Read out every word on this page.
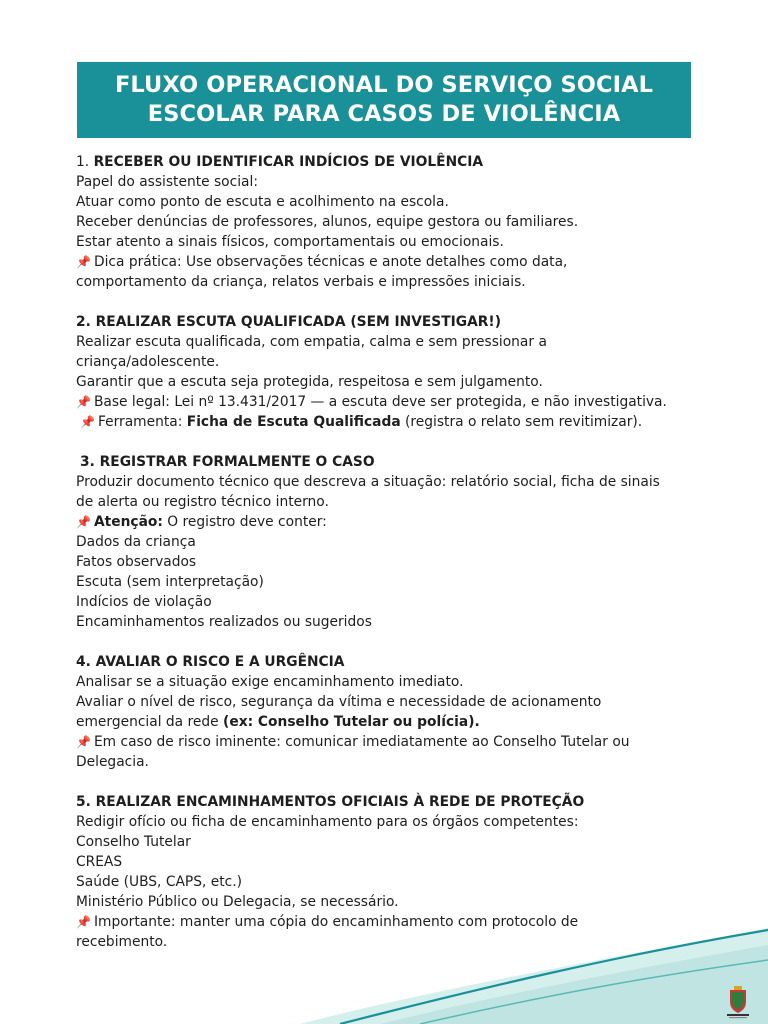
FLUXO OPERACIONAL DO SERVIÇO SOCIAL
ESCOLAR PARA CASOS DE VIOLÊNCIA
1. RECEBER OU IDENTIFICAR INDÍCIOS DE VIOLÊNCIA
Papel do assistente social:
Atuar como ponto de escuta e acolhimento na escola.
Receber denúncias de professores, alunos, equipe gestora ou familiares.
Estar atento a sinais físicos, comportamentais ou emocionais.
📌 Dica prática: Use observações técnicas e anote detalhes como data,
comportamento da criança, relatos verbais e impressões iniciais.
2. REALIZAR ESCUTA QUALIFICADA (SEM INVESTIGAR!)
Realizar escuta qualificada, com empatia, calma e sem pressionar a
criança/adolescente.
Garantir que a escuta seja protegida, respeitosa e sem julgamento.
📌 Base legal: Lei nº 13.431/2017 — a escuta deve ser protegida, e não investigativa.
📌 Ferramenta: Ficha de Escuta Qualificada (registra o relato sem revitimizar).
3. REGISTRAR FORMALMENTE O CASO
Produzir documento técnico que descreva a situação: relatório social, ficha de sinais
de alerta ou registro técnico interno.
📌 Atenção: O registro deve conter:
Dados da criança
Fatos observados
Escuta (sem interpretação)
Indícios de violação
Encaminhamentos realizados ou sugeridos
4. AVALIAR O RISCO E A URGÊNCIA
Analisar se a situação exige encaminhamento imediato.
Avaliar o nível de risco, segurança da vítima e necessidade de acionamento
emergencial da rede (ex: Conselho Tutelar ou polícia).
📌 Em caso de risco iminente: comunicar imediatamente ao Conselho Tutelar ou
Delegacia.
5. REALIZAR ENCAMINHAMENTOS OFICIAIS À REDE DE PROTEÇÃO
Redigir ofício ou ficha de encaminhamento para os órgãos competentes:
Conselho Tutelar
CREAS
Saúde (UBS, CAPS, etc.)
Ministério Público ou Delegacia, se necessário.
📌 Importante: manter uma cópia do encaminhamento com protocolo de
recebimento.
